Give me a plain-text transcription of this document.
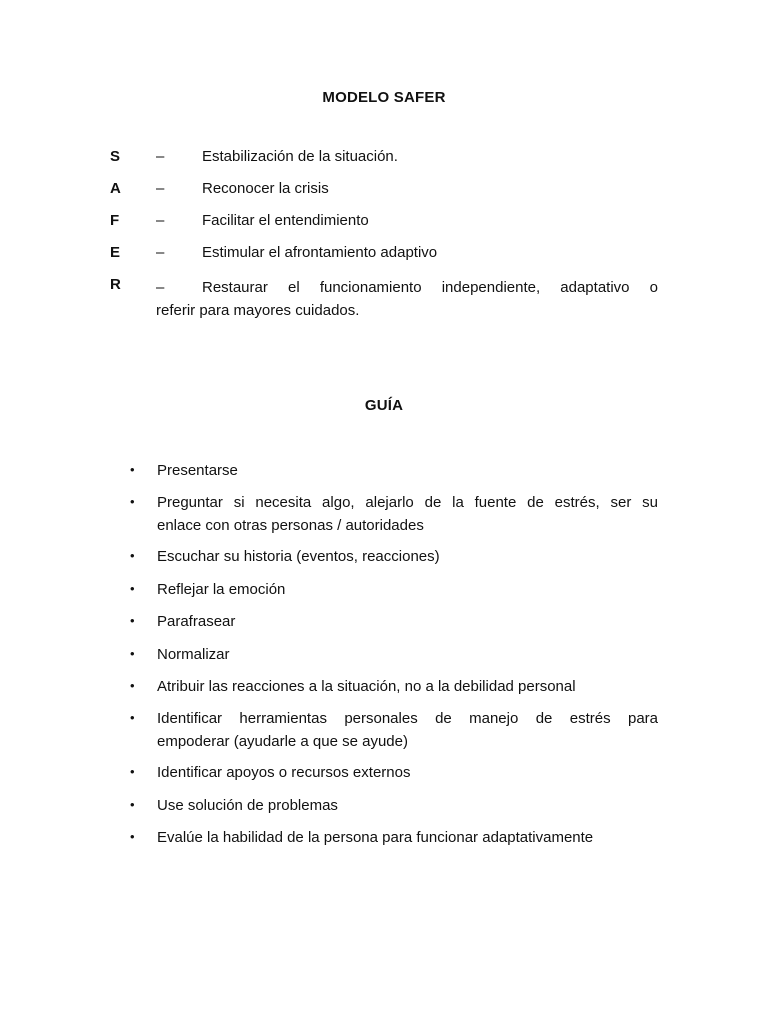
MODELO SAFER
S –	Estabilización de la situación.
A –	Reconocer la crisis
F –	Facilitar el entendimiento
E –	Estimular el afrontamiento adaptivo
R –	Restaurar el funcionamiento independiente, adaptativo o
referir para mayores cuidados.
GUÍA
• Presentarse
• Preguntar si necesita algo, alejarlo de la fuente de estrés, ser su
enlace con otras personas / autoridades
• Escuchar su historia (eventos, reacciones)
• Reflejar la emoción
• Parafrasear
• Normalizar
• Atribuir las reacciones a la situación, no a la debilidad personal
• Identificar herramientas personales de manejo de estrés para
empoderar (ayudarle a que se ayude)
• Identificar apoyos o recursos externos
• Use solución de problemas
• Evalúe la habilidad de la persona para funcionar adaptativamente
